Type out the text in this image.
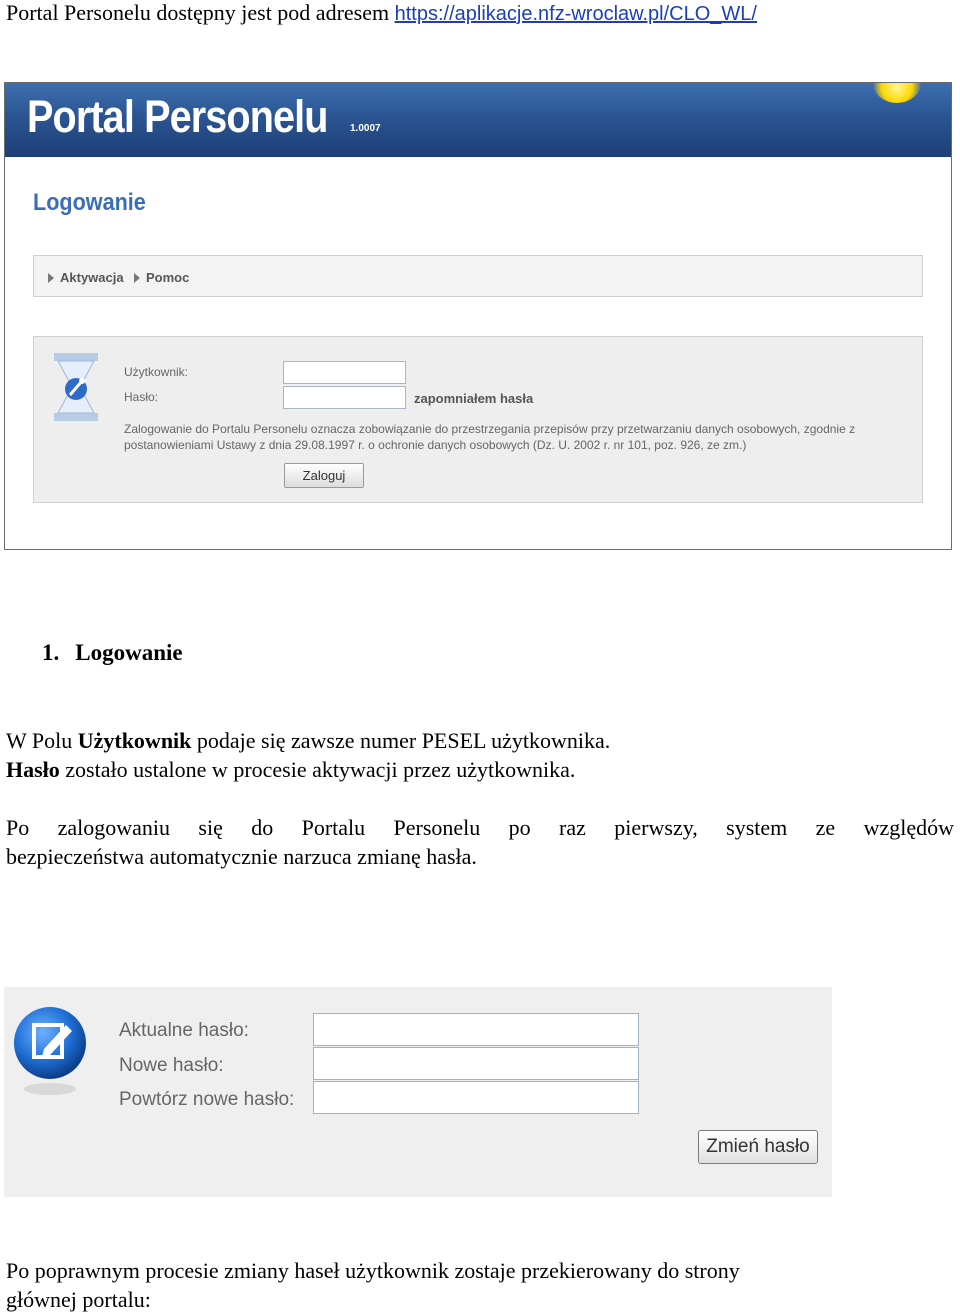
Portal Personelu dostępny jest pod adresem https://aplikacje.nfz-wroclaw.pl/CLO_WL/

Portal Personelu 1.0007
Logowanie
Aktywacja Pomoc
Użytkownik:
Hasło:	zapomniałem hasła
Zalogowanie do Portalu Personelu oznacza zobowiązanie do przestrzegania przepisów przy przetwarzaniu danych osobowych, zgodnie z
postanowieniami Ustawy z dnia 29.08.1997 r. o ochronie danych osobowych (Dz. U. 2002 r. nr 101, poz. 926, ze zm.)
Zaloguj
1. Logowanie

W Polu Użytkownik podaje się zawsze numer PESEL użytkownika.

Hasło zostało ustalone w procesie aktywacji przez użytkownika.

Po zalogowaniu się do Portalu Personelu po raz pierwszy, system ze względów

bezpieczeństwa automatycznie narzuca zmianę hasła.

Aktualne hasło:
Nowe hasło:
Powtórz nowe hasło:
Zmień hasło

Po poprawnym procesie zmiany haseł użytkownik zostaje przekierowany do strony

głównej portalu:
